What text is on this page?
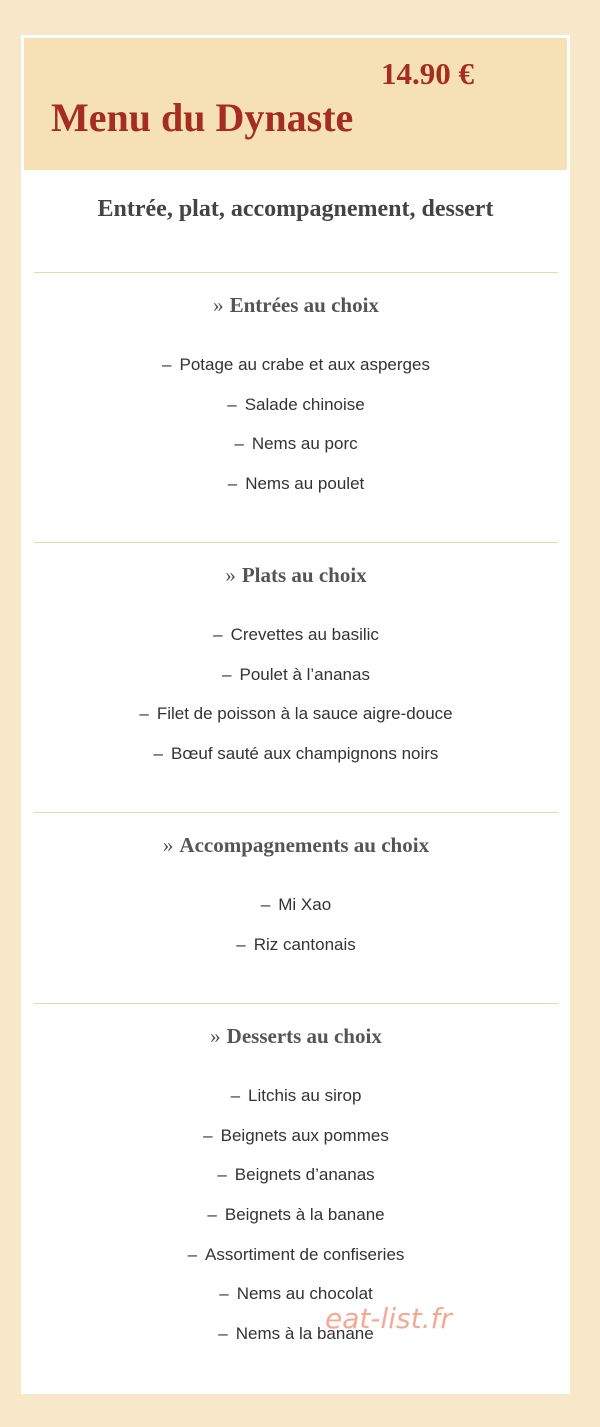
14.90 €
Menu du Dynaste
Entrée, plat, accompagnement, dessert
» Entrées au choix
– Potage au crabe et aux asperges
– Salade chinoise
– Nems au porc
– Nems au poulet
» Plats au choix
– Crevettes au basilic
– Poulet à l’ananas
– Filet de poisson à la sauce aigre-douce
– Bœuf sauté aux champignons noirs
» Accompagnements au choix
– Mi Xao
– Riz cantonais
» Desserts au choix
– Litchis au sirop
– Beignets aux pommes
– Beignets d’ananas
– Beignets à la banane
– Assortiment de confiseries
– Nems au chocolat
– Nems à la banane
eat-list.fr
